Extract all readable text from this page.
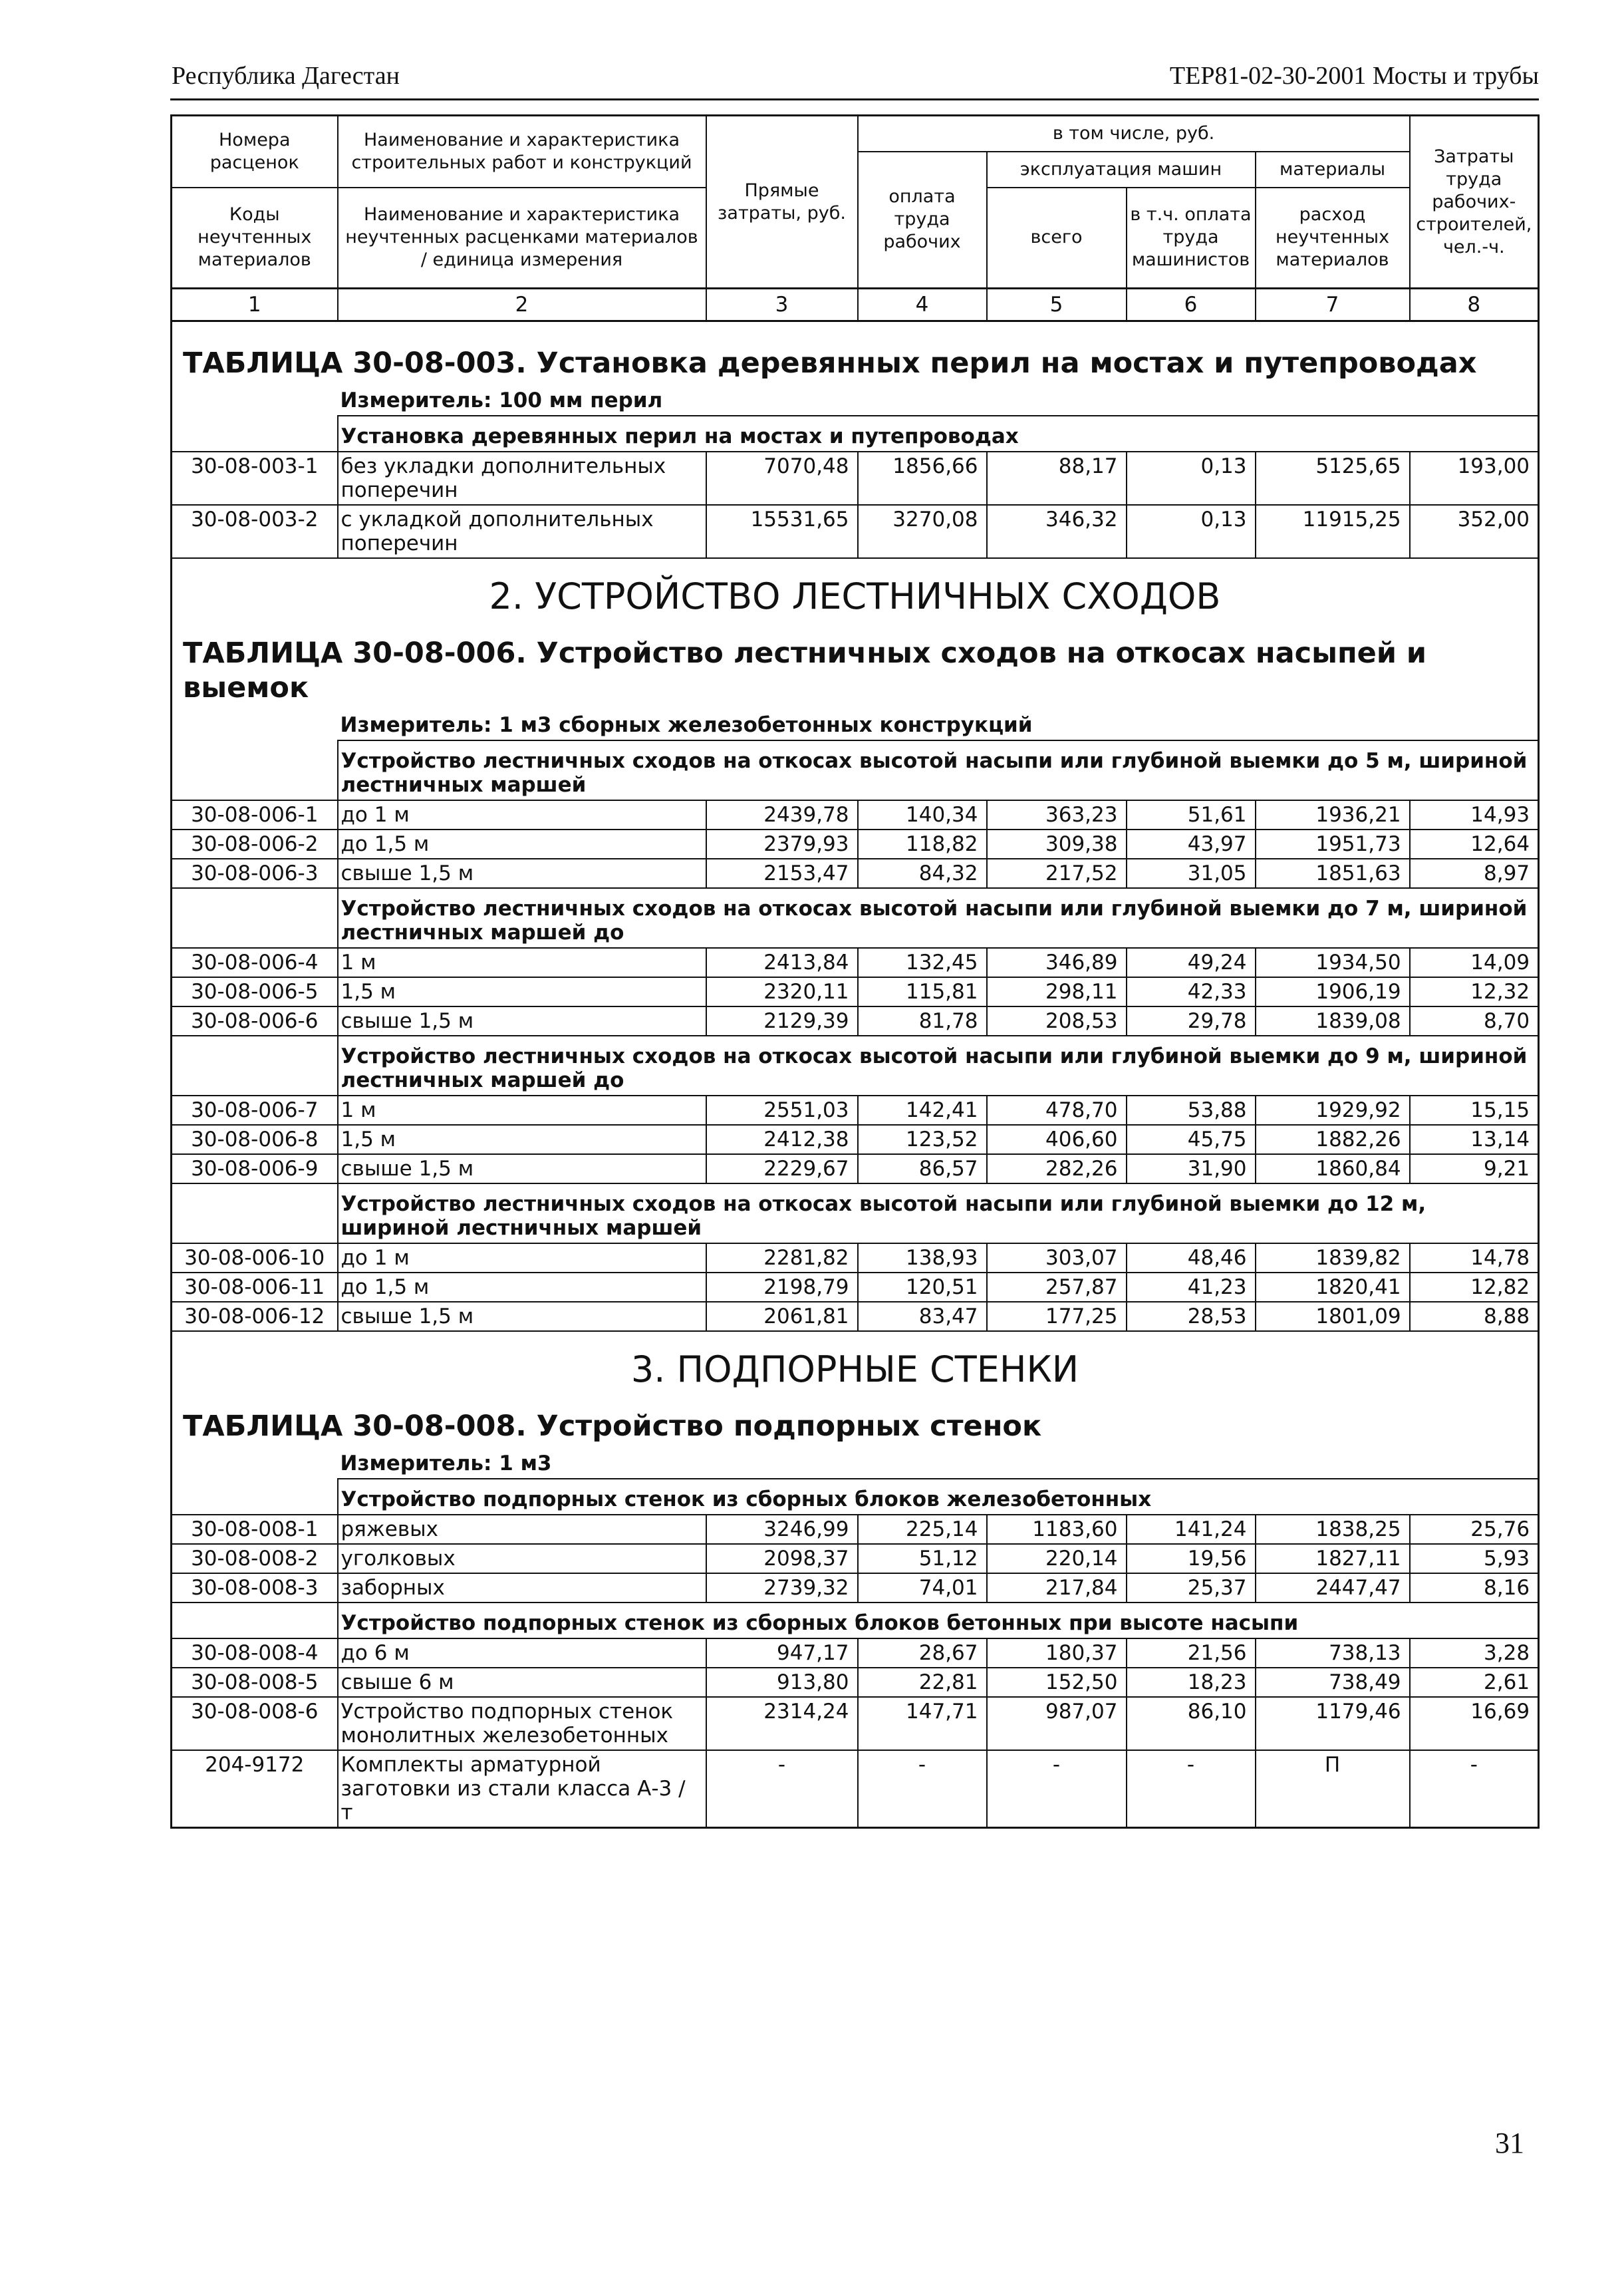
Республика Дагестан	ТЕР81-02-30-2001 Мосты и трубы
Номера расценок	Наименование и характеристика строительных работ и конструкций	Прямые затраты, руб.	в том числе, руб.				Затраты труда рабочих-строителей, чел.-ч.
			оплата труда рабочих	эксплуатация машин		материалы	
Коды неучтенных материалов	Наименование и характеристика неучтенных расценками материалов / единица измерения			всего	в т.ч. оплата труда машинистов	расход неучтенных материалов	

1	2	3	4	5	6	7	8

ТАБЛИЦА 30-08-003. Установка деревянных перил на мостах и путепроводах							
	Измеритель: 100 мм перил						
	Установка деревянных перил на мостах и путепроводах						
30-08-003-1	без укладки дополнительных поперечин	7070,48	1856,66	88,17	0,13	5125,65	193,00
30-08-003-2	с укладкой дополнительных поперечин	15531,65	3270,08	346,32	0,13	11915,25	352,00
2. УСТРОЙСТВО ЛЕСТНИЧНЫХ СХОДОВ							
ТАБЛИЦА 30-08-006. Устройство лестничных сходов на откосах насыпей и выемок							
	Измеритель: 1 м3 сборных железобетонных конструкций						
	Устройство лестничных сходов на откосах высотой насыпи или глубиной выемки до 5 м, шириной лестничных маршей						
30-08-006-1	до 1 м	2439,78	140,34	363,23	51,61	1936,21	14,93
30-08-006-2	до 1,5 м	2379,93	118,82	309,38	43,97	1951,73	12,64
30-08-006-3	свыше 1,5 м	2153,47	84,32	217,52	31,05	1851,63	8,97
	Устройство лестничных сходов на откосах высотой насыпи или глубиной выемки до 7 м, шириной лестничных маршей до						
30-08-006-4	1 м	2413,84	132,45	346,89	49,24	1934,50	14,09
30-08-006-5	1,5 м	2320,11	115,81	298,11	42,33	1906,19	12,32
30-08-006-6	свыше 1,5 м	2129,39	81,78	208,53	29,78	1839,08	8,70
	Устройство лестничных сходов на откосах высотой насыпи или глубиной выемки до 9 м, шириной лестничных маршей до						
30-08-006-7	1 м	2551,03	142,41	478,70	53,88	1929,92	15,15
30-08-006-8	1,5 м	2412,38	123,52	406,60	45,75	1882,26	13,14
30-08-006-9	свыше 1,5 м	2229,67	86,57	282,26	31,90	1860,84	9,21
	Устройство лестничных сходов на откосах высотой насыпи или глубиной выемки до 12 м, шириной лестничных маршей						
30-08-006-10	до 1 м	2281,82	138,93	303,07	48,46	1839,82	14,78
30-08-006-11	до 1,5 м	2198,79	120,51	257,87	41,23	1820,41	12,82
30-08-006-12	свыше 1,5 м	2061,81	83,47	177,25	28,53	1801,09	8,88
3. ПОДПОРНЫЕ СТЕНКИ							
ТАБЛИЦА 30-08-008. Устройство подпорных стенок							
	Измеритель: 1 м3						
	Устройство подпорных стенок из сборных блоков железобетонных						
30-08-008-1	ряжевых	3246,99	225,14	1183,60	141,24	1838,25	25,76
30-08-008-2	уголковых	2098,37	51,12	220,14	19,56	1827,11	5,93
30-08-008-3	заборных	2739,32	74,01	217,84	25,37	2447,47	8,16
	Устройство подпорных стенок из сборных блоков бетонных при высоте насыпи						
30-08-008-4	до 6 м	947,17	28,67	180,37	21,56	738,13	3,28
30-08-008-5	свыше 6 м	913,80	22,81	152,50	18,23	738,49	2,61
30-08-008-6	Устройство подпорных стенок монолитных железобетонных	2314,24	147,71	987,07	86,10	1179,46	16,69
204-9172	Комплекты арматурной заготовки из стали класса А-3 / т	-	-	-	-	П	-
31
